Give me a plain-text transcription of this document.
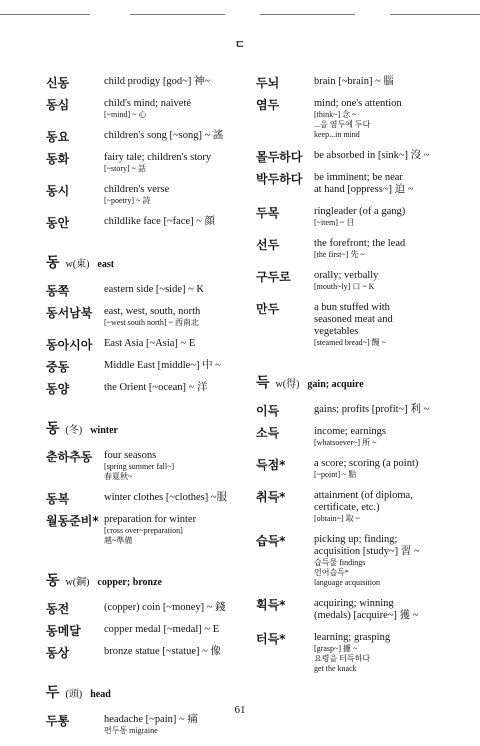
ㄷ
신동	child prodigy [god~] 神~
동심	child's mind; naiveté
[~mind] ~ 心
동요	children's song [~song] ~ 謠
동화	fairy tale; children's story
[~story] ~ 話
동시	children's verse
[~poetry] ~ 詩
동안	childlike face [~face] ~ 顔
동 w(東) east
동쪽	eastern side [~side] ~ K
동서남북 east, west, south, north
[~west south north] ~ 西南北
동아시아 East Asia [~Asia] ~ E
중동	Middle East [middle~] 中 ~
동양	the Orient [~ocean] ~ 洋
동 (冬) winter
춘하추동 four seasons
[spring summer fall~]
春夏秋~
동복	winter clothes [~clothes] ~服
월동준비* preparation for winter
[cross over~preparation]
越~準備
동 w(銅) copper; bronze
동전	(copper) coin [~money] ~ 錢
동메달 copper medal [~medal] ~ E
동상	bronze statue [~statue] ~ 像
두 (頭) head
두통	headache [~pain] ~ 痛
편두통 migraine
두뇌	brain [~brain] ~ 腦
염두	mind; one's attention
[think~] 念 ~
...을 염두에 두다
keep...in mind
몰두하다 be absorbed in [sink~] 沒 ~
박두하다 be imminent; be near
at hand [oppress~] 迫 ~
두목	ringleader (of a gang)
[~item] ~ 目
선두	the forefront; the lead
[the first~] 先 ~
구두로 orally; verbally
[mouth~ly] 口 ~ K
만두	a bun stuffed with
seasoned meat and
vegetables
[steamed bread~] 饅 ~
득 w(得) gain; acquire
이득	gains; profits [profit~] 利 ~
소득	income; earnings
[whatsoever~] 所 ~
득점*	a score; scoring (a point)
[~point] ~ 點
취득*	attainment (of diploma,
certificate, etc.)
[obtain~] 取 ~
습득*	picking up; finding;
acquisition [study~] 習 ~
습득물 findings
언어습득*
language acquisition
획득*	acquiring; winning
(medals) [acquire~] 獲 ~
터득*	learning; grasping
[grasp~] 攄 ~
요령을 터득하다
get the knack
61
